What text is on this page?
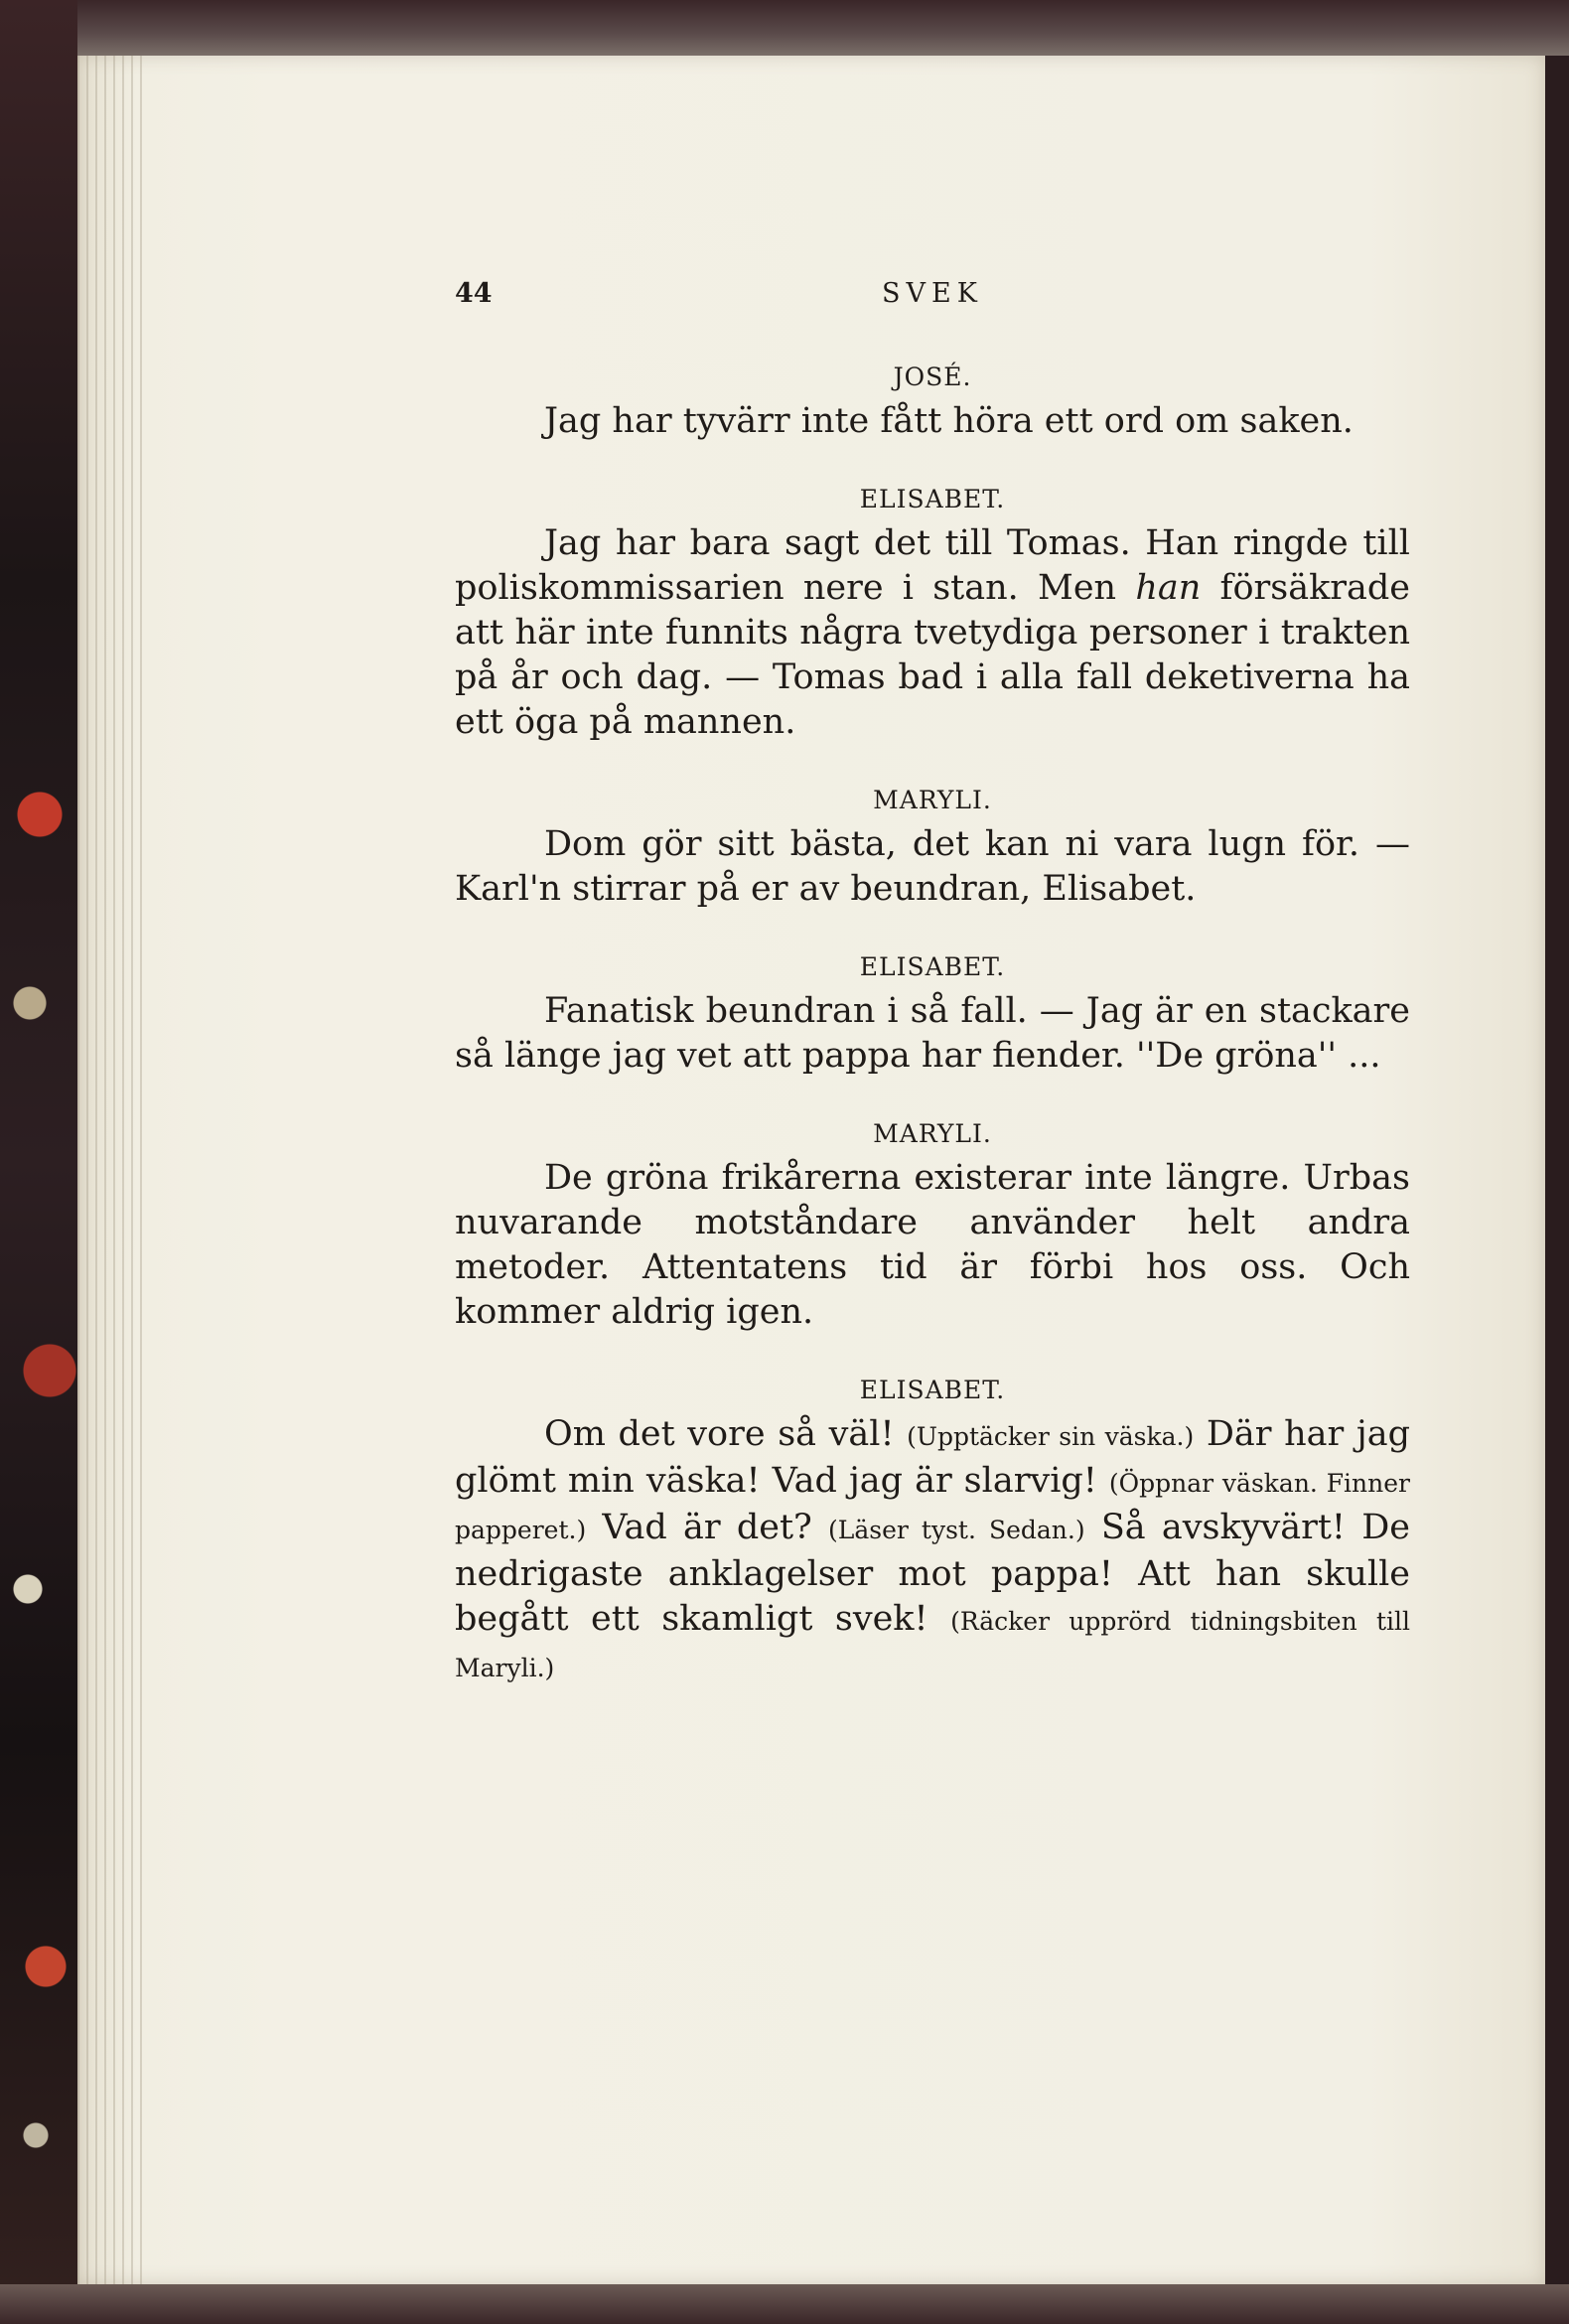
44	SVEK
JOSÉ.

Jag har tyvärr inte fått höra ett ord om saken.

ELISABET.

Jag har bara sagt det till Tomas. Han ringde till poliskommissarien nere i stan. Men han försäkrade att här inte funnits några tvetydiga personer i trakten på år och dag. — Tomas bad i alla fall deketiverna ha ett öga på mannen.

MARYLI.

Dom gör sitt bästa, det kan ni vara lugn för. — Karl'n stirrar på er av beundran, Elisabet.

ELISABET.

Fanatisk beundran i så fall. — Jag är en stackare så länge jag vet att pappa har fiender. ''De gröna'' ...

MARYLI.

De gröna frikårerna existerar inte längre. Urbas nuvarande motståndare använder helt andra metoder. Attentatens tid är förbi hos oss. Och kommer aldrig igen.

ELISABET.

Om det vore så väl! (Upptäcker sin väska.) Där har jag glömt min väska! Vad jag är slarvig! (Öppnar väskan. Finner papperet.) Vad är det? (Läser tyst. Sedan.) Så avskyvärt! De nedrigaste anklagelser mot pappa! Att han skulle begått ett skamligt svek! (Räcker upprörd tidningsbiten till Maryli.)
